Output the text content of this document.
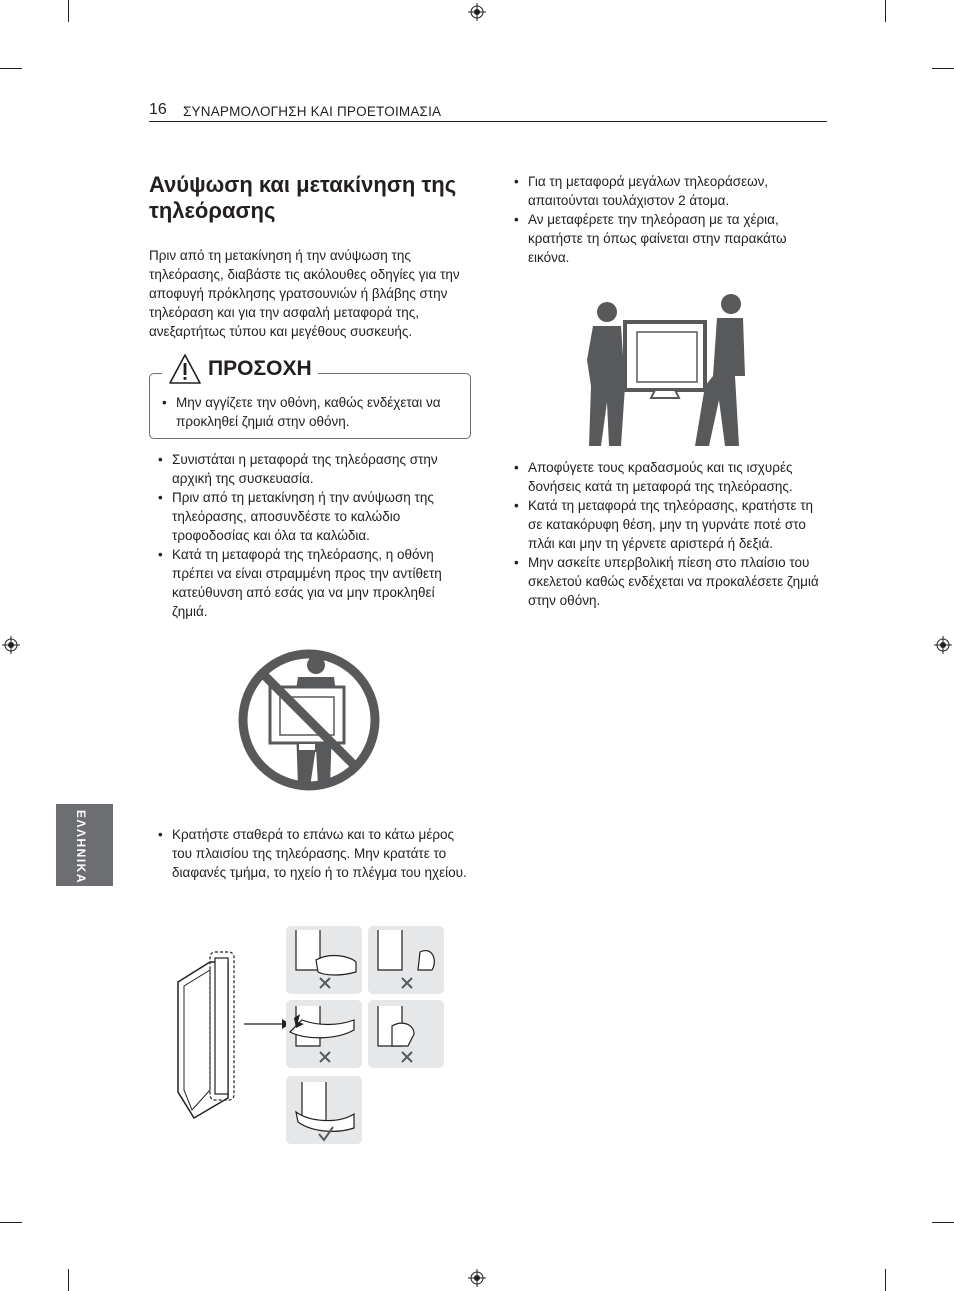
16 ΣΥΝΑΡΜΟΛΟΓΗΣΗ ΚΑΙ ΠΡΟΕΤΟΙΜΑΣΙΑ
Ανύψωση και μετακίνηση της τηλεόρασης
Πριν από τη μετακίνηση ή την ανύψωση της τηλεόρασης, διαβάστε τις ακόλουθες οδηγίες για την αποφυγή πρόκλησης γρατσουνιών ή βλάβης στην τηλεόραση και για την ασφαλή μεταφορά της, ανεξαρτήτως τύπου και μεγέθους συσκευής.
ΠΡΟΣΟΧΗ
• Μην αγγίζετε την οθόνη, καθώς ενδέχεται να προκληθεί ζημιά στην οθόνη.
• Συνιστάται η μεταφορά της τηλεόρασης στην αρχική της συσκευασία.
• Πριν από τη μετακίνηση ή την ανύψωση της τηλεόρασης, αποσυνδέστε το καλώδιο τροφοδοσίας και όλα τα καλώδια.
• Κατά τη μεταφορά της τηλεόρασης, η οθόνη πρέπει να είναι στραμμένη προς την αντίθετη κατεύθυνση από εσάς για να μην προκληθεί ζημιά.
• Κρατήστε σταθερά το επάνω και το κάτω μέρος του πλαισίου της τηλεόρασης. Μην κρατάτε το διαφανές τμήμα, το ηχείο ή το πλέγμα του ηχείου.
• Για τη μεταφορά μεγάλων τηλεοράσεων, απαιτούνται τουλάχιστον 2 άτομα.
• Αν μεταφέρετε την τηλεόραση με τα χέρια, κρατήστε τη όπως φαίνεται στην παρακάτω εικόνα.
• Αποφύγετε τους κραδασμούς και τις ισχυρές δονήσεις κατά τη μεταφορά της τηλεόρασης.
• Κατά τη μεταφορά της τηλεόρασης, κρατήστε τη σε κατακόρυφη θέση, μην τη γυρνάτε ποτέ στο πλάι και μην τη γέρνετε αριστερά ή δεξιά.
• Μην ασκείτε υπερβολική πίεση στο πλαίσιο του σκελετού καθώς ενδέχεται να προκαλέσετε ζημιά στην οθόνη.
ΕΛΛΗΝΙΚΑ
